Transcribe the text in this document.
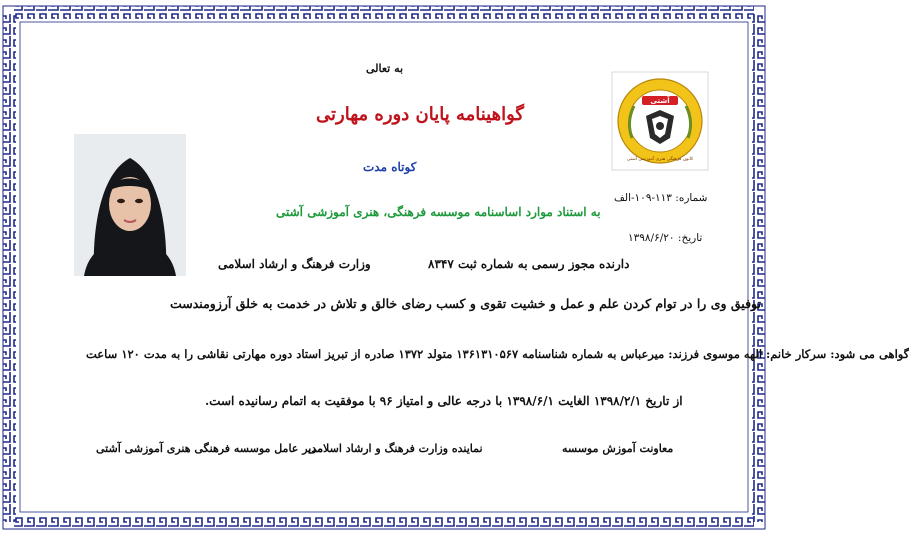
به تعالی
گواهینامه پایان دوره مهارتی
کوتاه مدت
به استناد موارد اساسنامه موسسه فرهنگی، هنری آموزشی آشتی
شماره: ۱۱۳-۱۰۹-الف
تاریخ: ۱۳۹۸/۶/۲۰
آشتی
کانون فرهنگی هنری آموزشی آشتی
دارنده مجوز رسمی به شماره ثبت ۸۳۴۷
وزارت فرهنگ و ارشاد اسلامی
توفیق وی را در توام کردن علم و عمل و خشیت تقوی و کسب رضای خالق و تلاش در خدمت به خلق آرزومندست
گواهی می شود: سرکار خانم: الهه موسوی فرزند: میرعباس به شماره شناسنامه ۱۳۶۱۳۱۰۵۶۷ متولد ۱۳۷۲ صادره از تبریز استاد دوره مهارتی نقاشی را به مدت ۱۲۰ ساعت
از تاریخ ۱۳۹۸/۲/۱ الغایت ۱۳۹۸/۶/۱ با درجه عالی و امتیاز ۹۶ با موفقیت به اتمام رسانیده است.
معاونت آموزش موسسه
نماینده وزارت فرهنگ و ارشاد اسلامی
مدیر عامل موسسه فرهنگی هنری آموزشی آشتی
